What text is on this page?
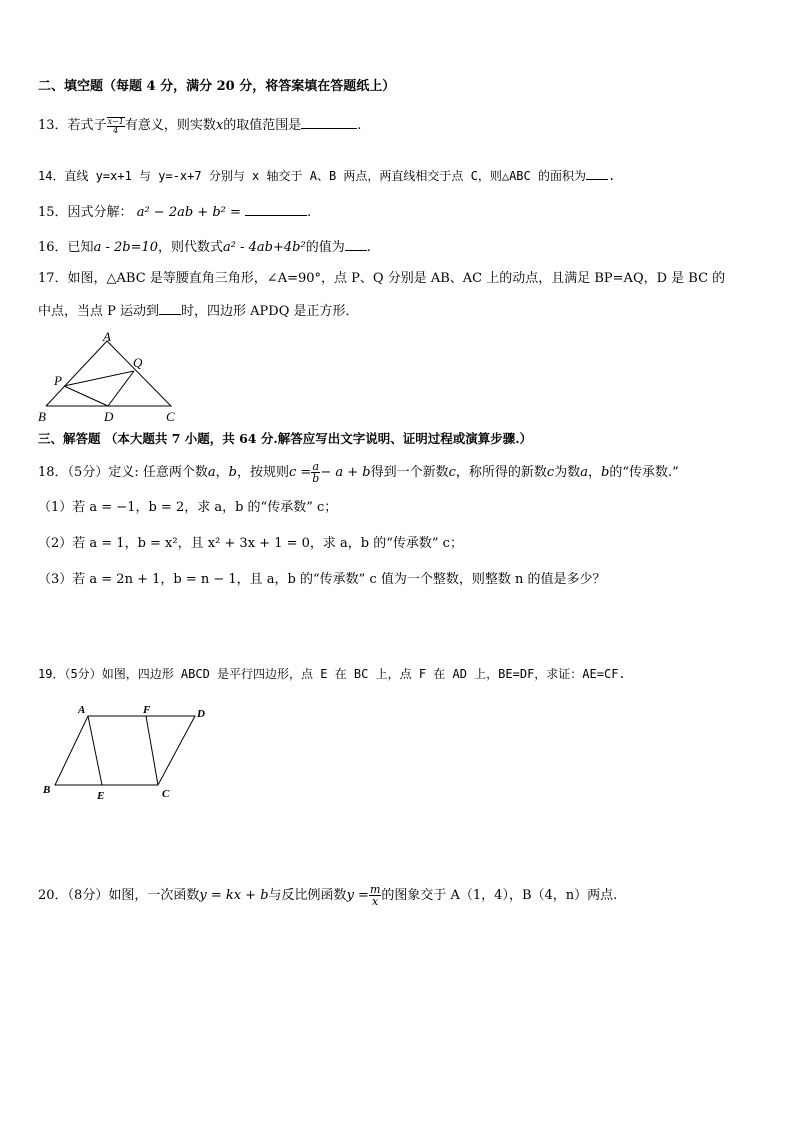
二、填空题（每题 4 分，满分 20 分，将答案填在答题纸上）
13．若式子 $\frac{x-1}{4}$ 有意义，则实数x的取值范围是	.
14．直线 y=x+1 与 y=-x+7 分别与 x 轴交于 A、B 两点，两直线相交于点 C，则△ABC 的面积为 .
15．因式分解： a² − 2ab + b² =	.
16．已知a - 2b=10，则代数式a² - 4ab+4b²的值为 .
17．如图，△ABC 是等腰直角三角形，∠A=90°，点 P、Q 分别是 AB、AC 上的动点，且满足 BP=AQ，D 是 BC 的
中点，当点 P 运动到 时，四边形 APDQ 是正方形．
A
B	C
D
P
Q
三、解答题 （本大题共 7 小题，共 64 分.解答应写出文字说明、证明过程或演算步骤.）
18．（5分）定义: 任意两个数a，b，按规则$c = \frac{a}{b} - a + b$得到一个新数c，称所得的新数c为数a，b的“传承数.”
（1）若 a = −1，b = 2，求 a，b 的“传承数” c；
（2）若 a = 1，b = x²，且 x² + 3x + 1 = 0，求 a，b 的“传承数” c；
（3）若 a = 2n + 1，b = n − 1，且 a，b 的“传承数” c 值为一个整数，则整数 n 的值是多少？
19．（5分）如图，四边形 ABCD 是平行四边形，点 E 在 BC 上，点 F 在 AD 上，BE=DF，求证：AE=CF.
A	F	D
B	E	C
20．（8分）如图，一次函数y = kx + b与反比例函数$y = \frac{m}{x}$ 的图象交于 A（1，4），B（4，n）两点.
